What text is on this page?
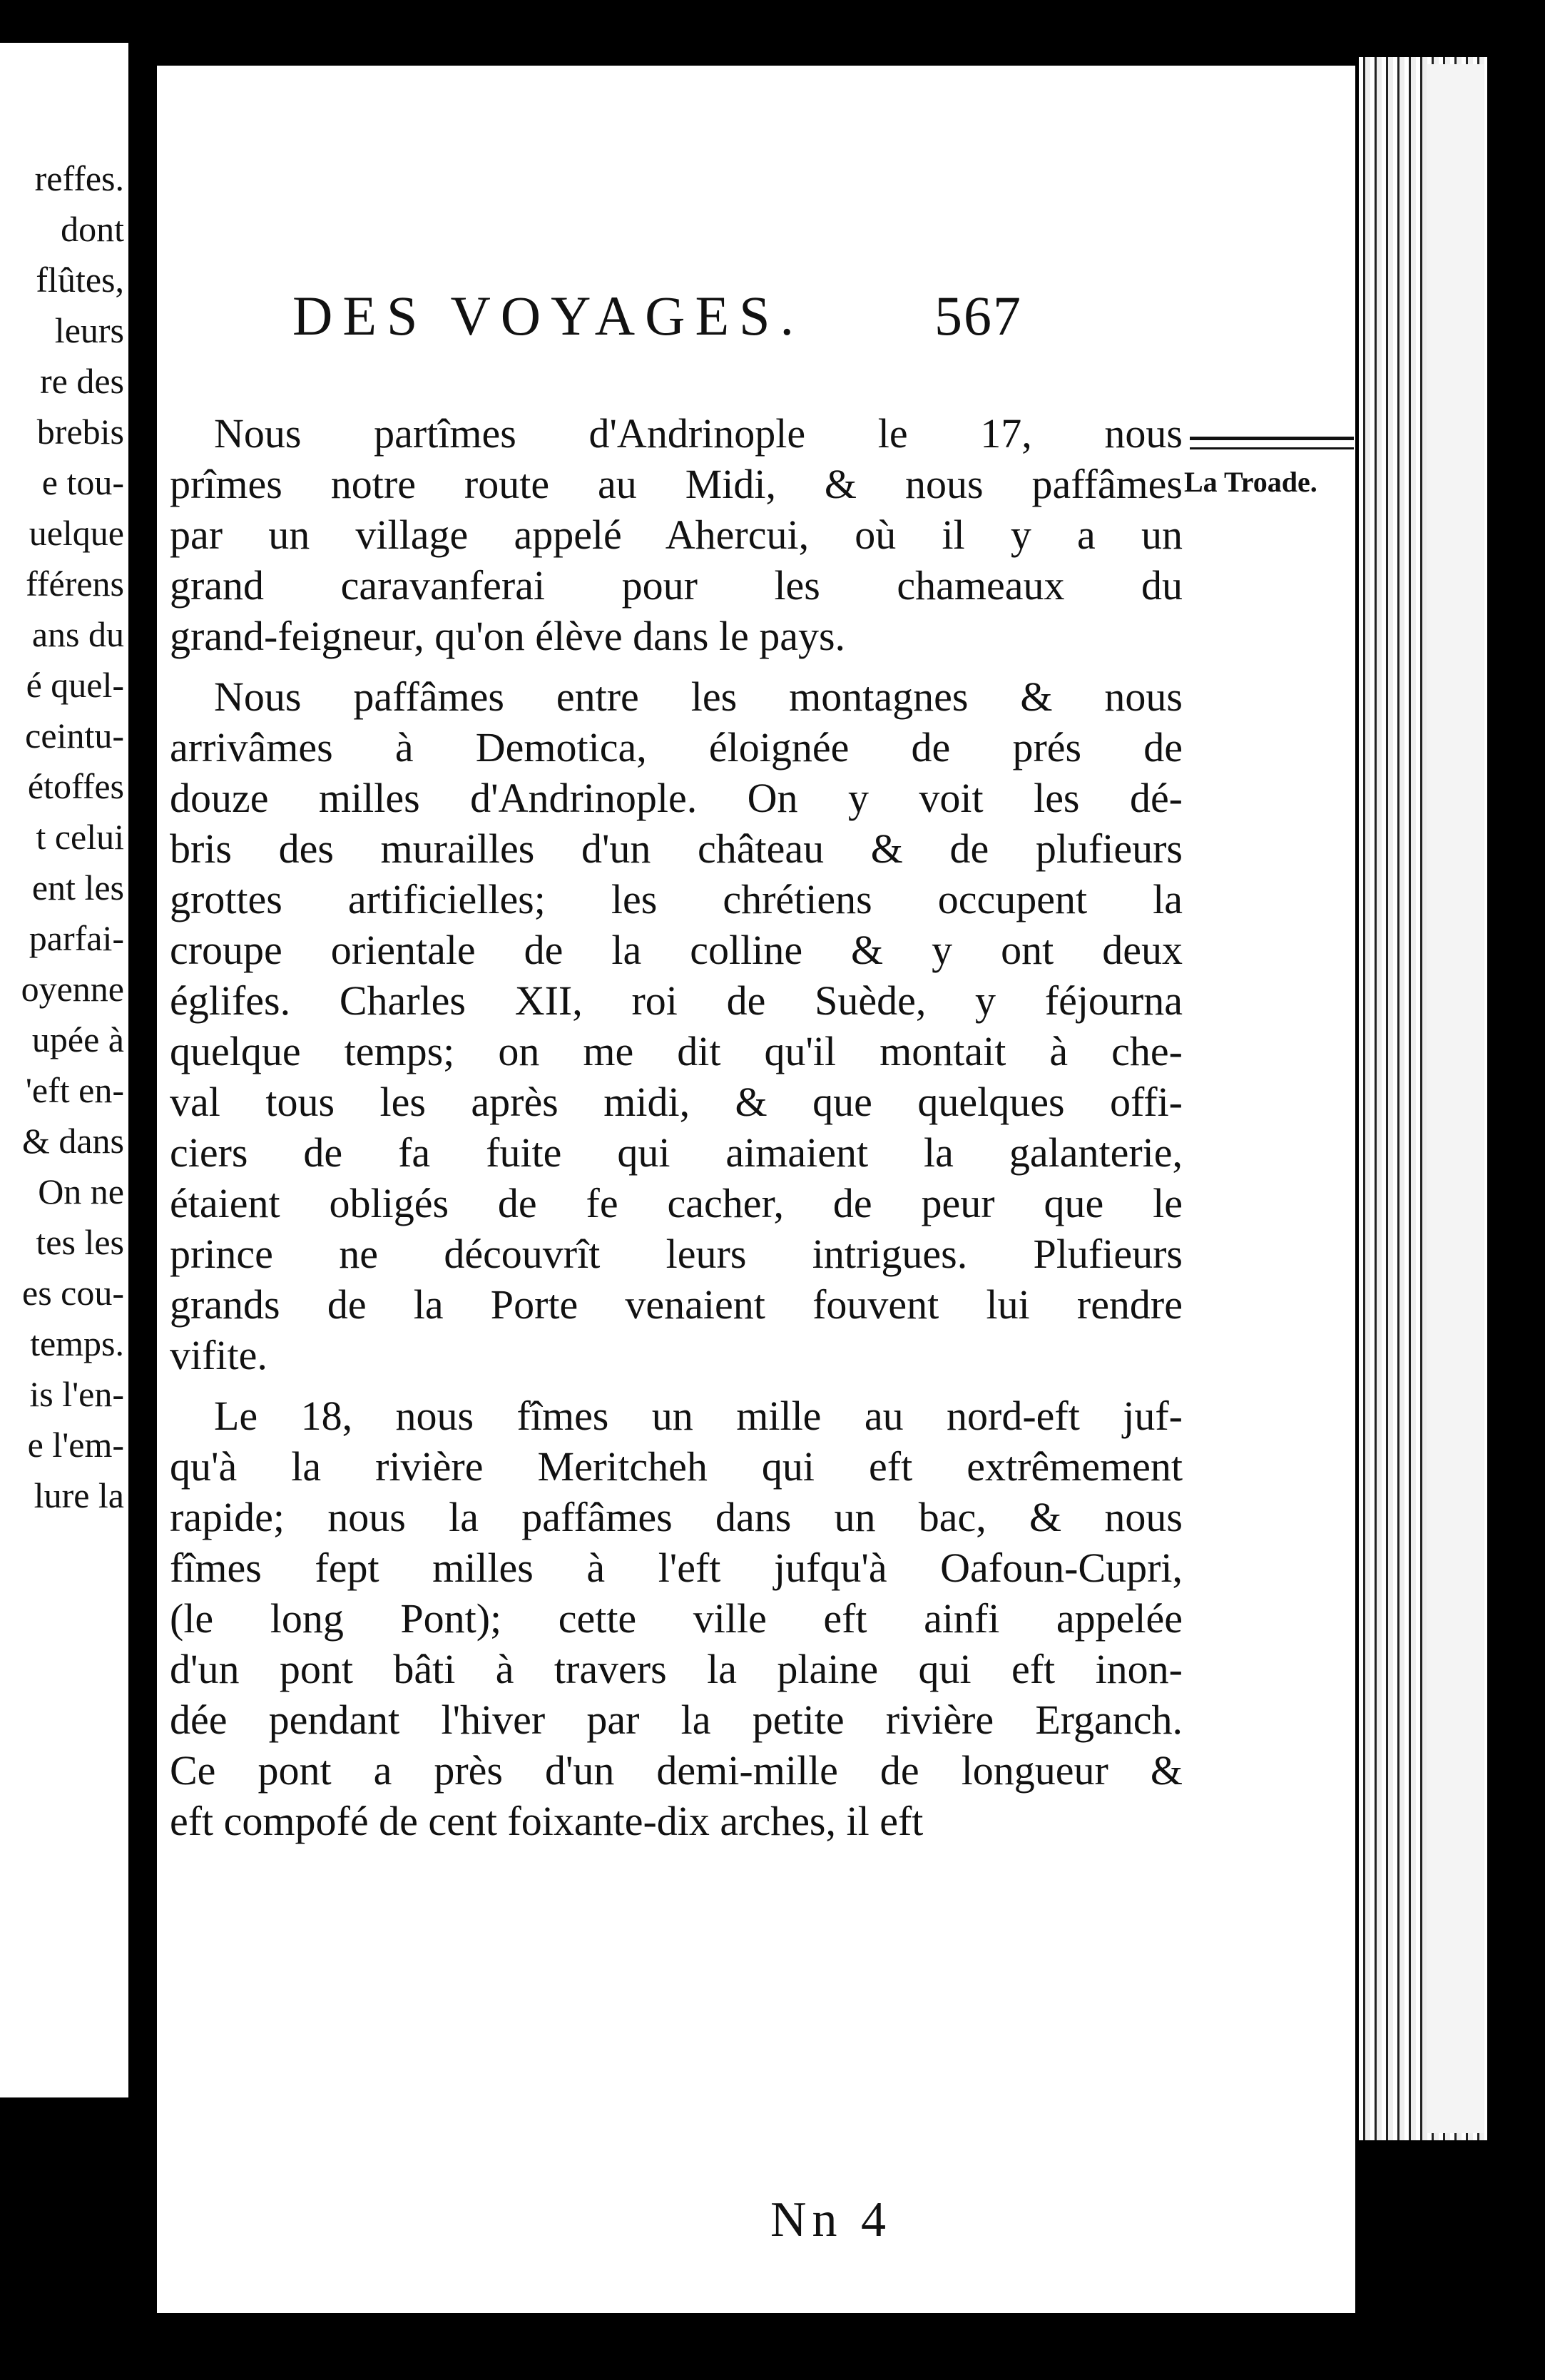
reffes.
dont
flûtes,
leurs
re des
brebis
e tou-
uelque
fférens
ans du
é quel-
ceintu-
étoffes
t celui
ent les
parfai-
oyenne
upée à
'eft en-
& dans
On ne
tes les
es cou-
temps.
is l'en-
e l'em-
lure la
DES VOYAGES. 567
La Troade.
Nous partîmes d'Andrinople le 17, nous
prîmes notre route au Midi, & nous paffâmes
par un village appelé Ahercui, où il y a un
grand caravanferai pour les chameaux du
grand-feigneur, qu'on élève dans le pays.
Nous paffâmes entre les montagnes & nous
arrivâmes à Demotica, éloignée de prés de
douze milles d'Andrinople. On y voit les dé-
bris des murailles d'un château & de plufieurs
grottes artificielles; les chrétiens occupent la
croupe orientale de la colline & y ont deux
églifes. Charles XII, roi de Suède, y féjourna
quelque temps; on me dit qu'il montait à che-
val tous les après midi, & que quelques offi-
ciers de fa fuite qui aimaient la galanterie,
étaient obligés de fe cacher, de peur que le
prince ne découvrît leurs intrigues. Plufieurs
grands de la Porte venaient fouvent lui rendre
vifite.
Le 18, nous fîmes un mille au nord-eft juf-
qu'à la rivière Meritcheh qui eft extrêmement
rapide; nous la paffâmes dans un bac, & nous
fîmes fept milles à l'eft jufqu'à Oafoun-Cupri,
(le long Pont); cette ville eft ainfi appelée
d'un pont bâti à travers la plaine qui eft inon-
dée pendant l'hiver par la petite rivière Erganch.
Ce pont a près d'un demi-mille de longueur &
eft compofé de cent foixante-dix arches, il eft
Nn 4
